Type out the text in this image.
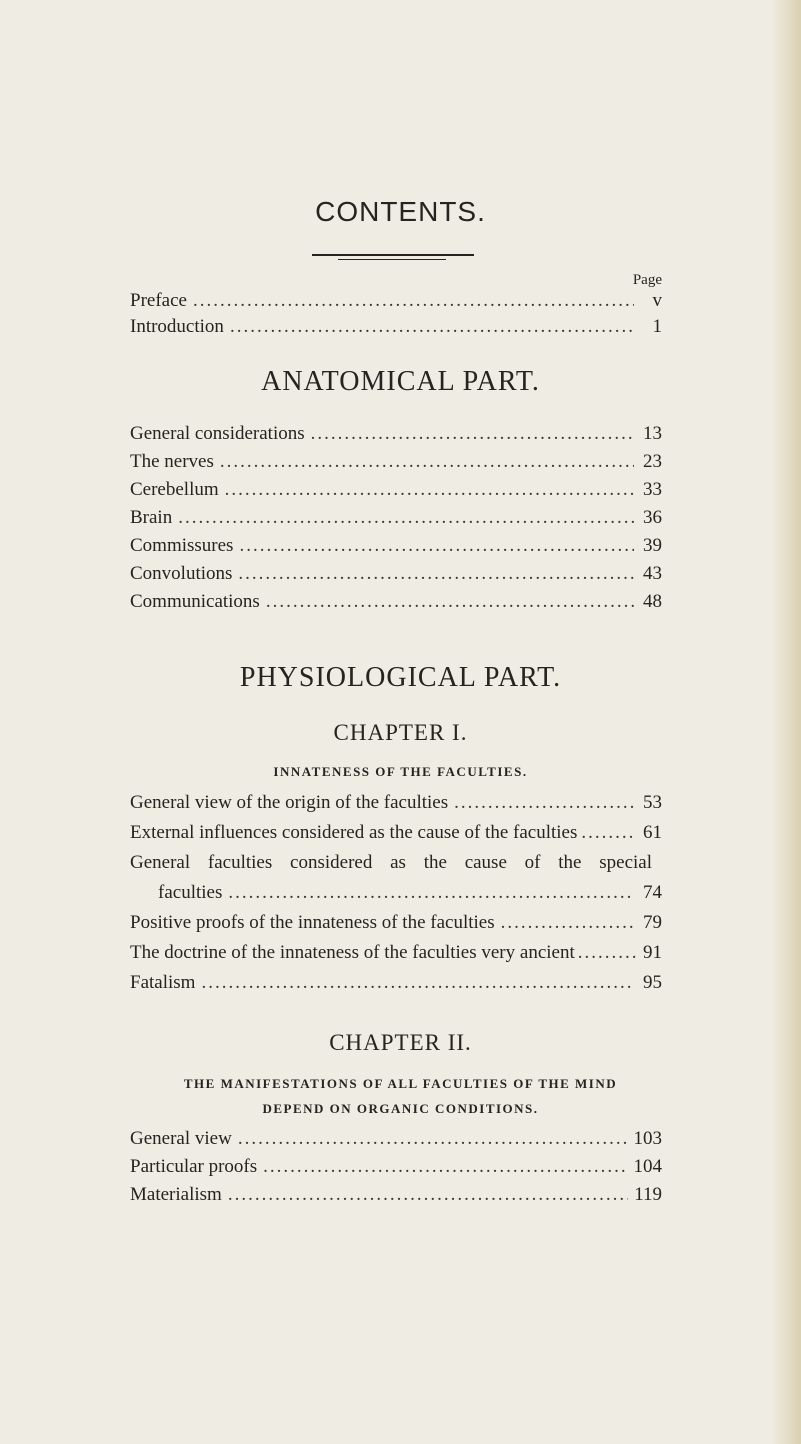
CONTENTS.
Page
Preface .....	v
Introduction .....	1
ANATOMICAL PART.
General considerations .....	13
The nerves .....	23
Cerebellum .....	33
Brain .....	36
Commissures .....	39
Convolutions .....	43
Communications .....	48
PHYSIOLOGICAL PART.
CHAPTER I.
INNATENESS OF THE FACULTIES.
General view of the origin of the faculties .....	53
External influences considered as the cause of the faculties .....	61
General faculties considered as the cause of the special
faculties .....	74
Positive proofs of the innateness of the faculties .....	79
The doctrine of the innateness of the faculties very ancient .....	91
Fatalism .....	95
CHAPTER II.
THE MANIFESTATIONS OF ALL FACULTIES OF THE MIND
DEPEND ON ORGANIC CONDITIONS.
General view .....	103
Particular proofs .....	104
Materialism .....	119
